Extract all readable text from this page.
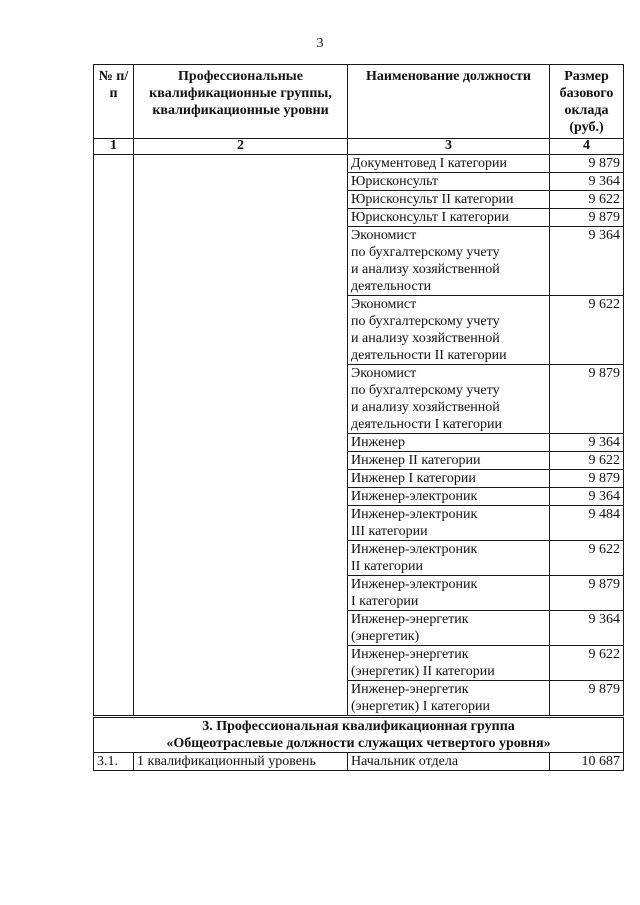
3
№ п/п	Профессиональные квалификационные группы, квалификационные уровни	Наименование должности	Размер базового оклада (руб.)
1	2	3	4

		Документовед I категории	9 879

		Юрисконсульт	9 364

		Юрисконсульт II категории	9 622

		Юрисконсульт I категории	9 879

		Экономист
по бухгалтерскому учету
и анализу хозяйственной
деятельности	9 364

		Экономист
по бухгалтерскому учету
и анализу хозяйственной
деятельности II категории	9 622

		Экономист
по бухгалтерскому учету
и анализу хозяйственной
деятельности I категории	9 879

		Инженер	9 364

		Инженер II категории	9 622

		Инженер I категории	9 879

		Инженер-электроник	9 364

		Инженер-электроник
III категории	9 484

		Инженер-электроник
II категории	9 622

		Инженер-электроник
I категории	9 879

		Инженер-энергетик
(энергетик)	9 364

		Инженер-энергетик
(энергетик) II категории	9 622

		Инженер-энергетик
(энергетик) I категории	9 879

3. Профессиональная квалификационная группа
«Общеотраслевые должности служащих четвертого уровня»			

3.1.	1 квалификационный уровень	Начальник отдела	10 687
